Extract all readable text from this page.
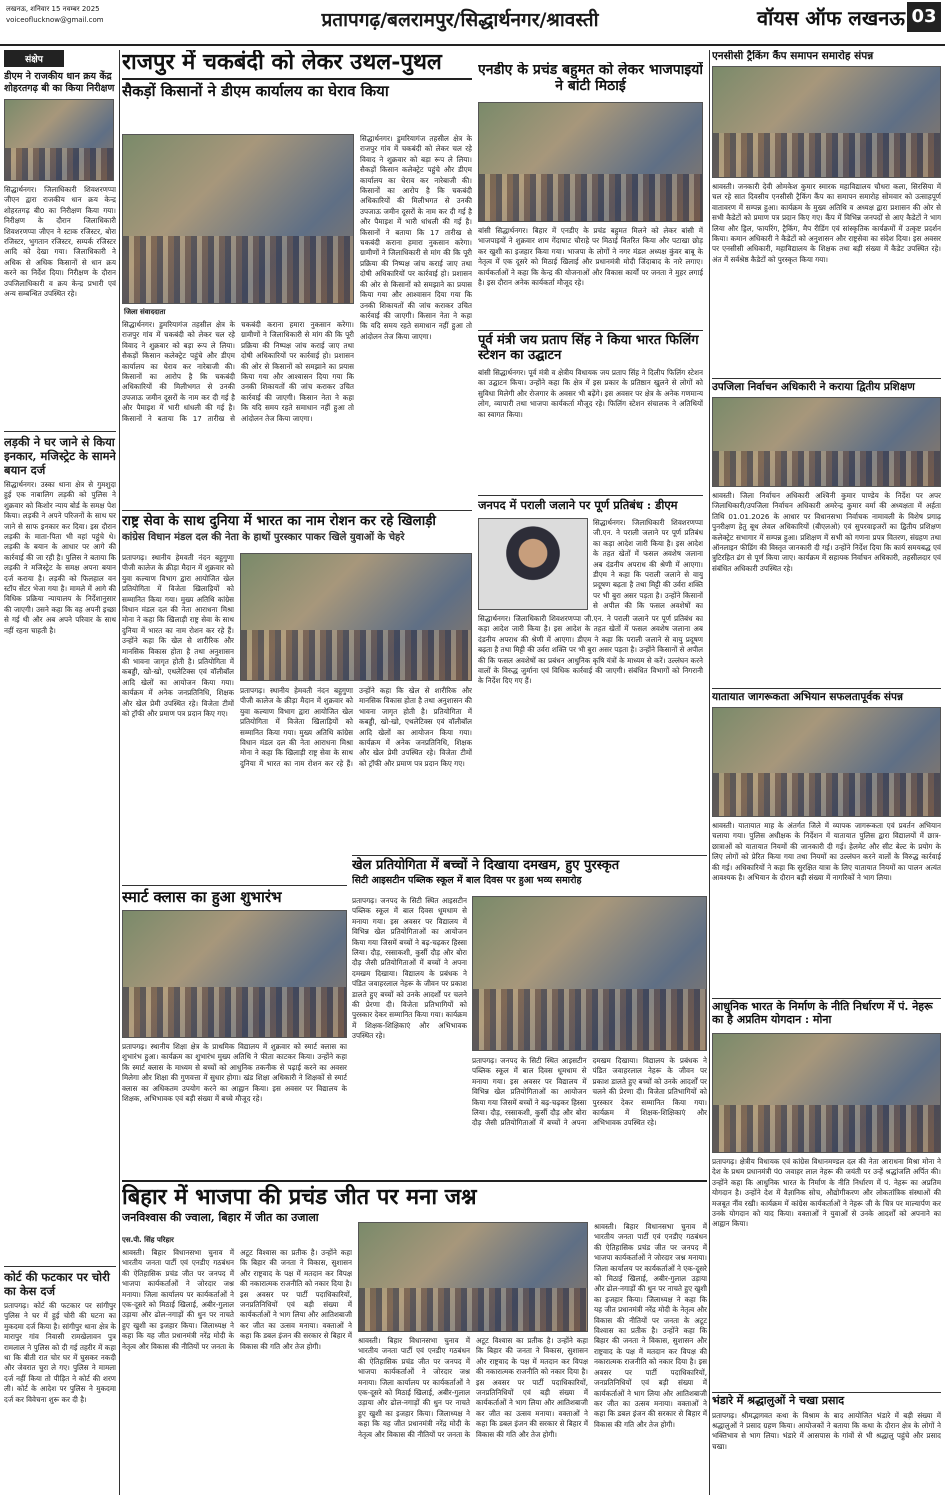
लखनऊ, शनिवार 15 नवम्बर 2025
voiceoflucknow@gmail.com	प्रतापगढ़/बलरामपुर/सिद्धार्थनगर/श्रावस्ती	वॉयस ऑफ लखनऊ 03
संक्षेप
डीएम ने राजकीय धान क्रय केंद्र शोहरतगढ़ बी का किया निरीक्षण
सिद्धार्थनगर। जिलाधिकारी शिवशरणप्पा जीएन द्वारा राजकीय धान क्रय केन्द्र शोहरतगढ़ बी0 का निरीक्षण किया गया। निरीक्षण के दौरान जिलाधिकारी शिवशरणप्पा जीएन ने स्टाक रजिस्टर, बोरा रजिस्टर, भुगतान रजिस्टर, सम्पर्क रजिस्टर आदि को देखा गया। जिलाधिकारी ने अधिक से अधिक किसानों से धान क्रय करने का निर्देश दिया। निरीक्षण के दौरान उपजिलाधिकारी व क्रय केन्द्र प्रभारी एवं अन्य सम्बन्धित उपस्थित रहे।
लड़की ने घर जाने से किया इनकार, मजिस्ट्रेट के सामने बयान दर्ज
सिद्धार्थनगर। उस्का थाना क्षेत्र से गुमशुदा हुई एक नाबालिग लड़की को पुलिस ने शुक्रवार को किशोर न्याय बोर्ड के समक्ष पेश किया। लड़की ने अपने परिजनों के साथ घर जाने से साफ इनकार कर दिया। इस दौरान लड़की के माता-पिता भी वहां पहुंचे थे। लड़की के बयान के आधार पर आगे की कार्रवाई की जा रही है। पुलिस ने बताया कि लड़की ने मजिस्ट्रेट के समक्ष अपना बयान दर्ज कराया है। लड़की को फिलहाल वन स्टॉप सेंटर भेजा गया है। मामले में आगे की विधिक प्रक्रिया न्यायालय के निर्देशानुसार की जाएगी। उसने कहा कि वह अपनी इच्छा से गई थी और अब अपने परिवार के साथ नहीं रहना चाहती है।
कोर्ट की फटकार पर चोरी का केस दर्ज
प्रतापगढ़। कोर्ट की फटकार पर सांगीपुर पुलिस ने घर में हुई चोरी की घटना का मुकदमा दर्ज किया है। सांगीपुर थाना क्षेत्र के मारापुर गांव निवासी रामखेलावन पुत्र रामलाल ने पुलिस को दी गई तहरीर में कहा था कि बीती रात चोर घर में घुसकर नकदी और जेवरात चुरा ले गए। पुलिस ने मामला दर्ज नहीं किया तो पीड़ित ने कोर्ट की शरण ली। कोर्ट के आदेश पर पुलिस ने मुकदमा दर्ज कर विवेचना शुरू कर दी है।
राजपुर में चकबंदी को लेकर उथल-पुथल
सैकड़ों किसानों ने डीएम कार्यालय का घेराव किया
जिला संवाददाता
सिद्धार्थनगर। डुमरियागंज तहसील क्षेत्र के राजपुर गांव में चकबंदी को लेकर चल रहे विवाद ने शुक्रवार को बड़ा रूप ले लिया। सैकड़ों किसान कलेक्ट्रेट पहुंचे और डीएम कार्यालय का घेराव कर नारेबाजी की। किसानों का आरोप है कि चकबंदी अधिकारियों की मिलीभगत से उनकी उपजाऊ जमीन दूसरों के नाम कर दी गई है और पैमाइश में भारी धांधली की गई है। किसानों ने बताया कि 17 तारीख से चकबंदी कराना हमारा नुकसान करेगा। ग्रामीणों ने जिलाधिकारी से मांग की कि पूरी प्रक्रिया की निष्पक्ष जांच कराई जाए तथा दोषी अधिकारियों पर कार्रवाई हो। प्रशासन की ओर से किसानों को समझाने का प्रयास किया गया और आश्वासन दिया गया कि उनकी शिकायतों की जांच कराकर उचित कार्रवाई की जाएगी। किसान नेता ने कहा कि यदि समय रहते समाधान नहीं हुआ तो आंदोलन तेज किया जाएगा।
सिद्धार्थनगर। डुमरियागंज तहसील क्षेत्र के राजपुर गांव में चकबंदी को लेकर चल रहे विवाद ने शुक्रवार को बड़ा रूप ले लिया। सैकड़ों किसान कलेक्ट्रेट पहुंचे और डीएम कार्यालय का घेराव कर नारेबाजी की। किसानों का आरोप है कि चकबंदी अधिकारियों की मिलीभगत से उनकी उपजाऊ जमीन दूसरों के नाम कर दी गई है और पैमाइश में भारी धांधली की गई है। किसानों ने बताया कि 17 तारीख से चकबंदी कराना हमारा नुकसान करेगा। ग्रामीणों ने जिलाधिकारी से मांग की कि पूरी प्रक्रिया की निष्पक्ष जांच कराई जाए तथा दोषी अधिकारियों पर कार्रवाई हो। प्रशासन की ओर से किसानों को समझाने का प्रयास किया गया और आश्वासन दिया गया कि उनकी शिकायतों की जांच कराकर उचित कार्रवाई की जाएगी। किसान नेता ने कहा कि यदि समय रहते समाधान नहीं हुआ तो आंदोलन तेज किया जाएगा।
राष्ट्र सेवा के साथ दुनिया में भारत का नाम रोशन कर रहे खिलाड़ी
कांग्रेस विधान मंडल दल की नेता के हाथों पुरस्कार पाकर खिले युवाओं के चेहरे
प्रतापगढ़। स्थानीय हेमवती नंदन बहुगुणा पीजी कालेज के क्रीड़ा मैदान में शुक्रवार को युवा कल्याण विभाग द्वारा आयोजित खेल प्रतियोगिता में विजेता खिलाड़ियों को सम्मानित किया गया। मुख्य अतिथि कांग्रेस विधान मंडल दल की नेता आराधना मिश्रा मोना ने कहा कि खिलाड़ी राष्ट्र सेवा के साथ दुनिया में भारत का नाम रोशन कर रहे हैं। उन्होंने कहा कि खेल से शारीरिक और मानसिक विकास होता है तथा अनुशासन की भावना जागृत होती है। प्रतियोगिता में कबड्डी, खो-खो, एथलेटिक्स एवं वॉलीबॉल आदि खेलों का आयोजन किया गया। कार्यक्रम में अनेक जनप्रतिनिधि, शिक्षक और खेल प्रेमी उपस्थित रहे। विजेता टीमों को ट्रॉफी और प्रमाण पत्र प्रदान किए गए।
प्रतापगढ़। स्थानीय हेमवती नंदन बहुगुणा पीजी कालेज के क्रीड़ा मैदान में शुक्रवार को युवा कल्याण विभाग द्वारा आयोजित खेल प्रतियोगिता में विजेता खिलाड़ियों को सम्मानित किया गया। मुख्य अतिथि कांग्रेस विधान मंडल दल की नेता आराधना मिश्रा मोना ने कहा कि खिलाड़ी राष्ट्र सेवा के साथ दुनिया में भारत का नाम रोशन कर रहे हैं। उन्होंने कहा कि खेल से शारीरिक और मानसिक विकास होता है तथा अनुशासन की भावना जागृत होती है। प्रतियोगिता में कबड्डी, खो-खो, एथलेटिक्स एवं वॉलीबॉल आदि खेलों का आयोजन किया गया। कार्यक्रम में अनेक जनप्रतिनिधि, शिक्षक और खेल प्रेमी उपस्थित रहे। विजेता टीमों को ट्रॉफी और प्रमाण पत्र प्रदान किए गए।
स्मार्ट क्लास का हुआ शुभारंभ
प्रतापगढ़। स्थानीय शिक्षा क्षेत्र के प्राथमिक विद्यालय में शुक्रवार को स्मार्ट क्लास का शुभारंभ हुआ। कार्यक्रम का शुभारंभ मुख्य अतिथि ने फीता काटकर किया। उन्होंने कहा कि स्मार्ट क्लास के माध्यम से बच्चों को आधुनिक तकनीक से पढ़ाई करने का अवसर मिलेगा और शिक्षा की गुणवत्ता में सुधार होगा। खंड शिक्षा अधिकारी ने शिक्षकों से स्मार्ट क्लास का अधिकतम उपयोग करने का आह्वान किया। इस अवसर पर विद्यालय के शिक्षक, अभिभावक एवं बड़ी संख्या में बच्चे मौजूद रहे।
खेल प्रतियोगिता में बच्चों ने दिखाया दमखम, हुए पुरस्कृत
सिटी आइसटीन पब्लिक स्कूल में बाल दिवस पर हुआ भव्य समारोह
प्रतापगढ़। जनपद के सिटी स्थित आइसटीन पब्लिक स्कूल में बाल दिवस धूमधाम से मनाया गया। इस अवसर पर विद्यालय में विभिन्न खेल प्रतियोगिताओं का आयोजन किया गया जिसमें बच्चों ने बढ़-चढ़कर हिस्सा लिया। दौड़, रस्साकशी, कुर्सी दौड़ और बोरा दौड़ जैसी प्रतियोगिताओं में बच्चों ने अपना दमखम दिखाया। विद्यालय के प्रबंधक ने पंडित जवाहरलाल नेहरू के जीवन पर प्रकाश डालते हुए बच्चों को उनके आदर्शों पर चलने की प्रेरणा दी। विजेता प्रतिभागियों को पुरस्कार देकर सम्मानित किया गया। कार्यक्रम में शिक्षक-शिक्षिकाएं और अभिभावक उपस्थित रहे।
प्रतापगढ़। जनपद के सिटी स्थित आइसटीन पब्लिक स्कूल में बाल दिवस धूमधाम से मनाया गया। इस अवसर पर विद्यालय में विभिन्न खेल प्रतियोगिताओं का आयोजन किया गया जिसमें बच्चों ने बढ़-चढ़कर हिस्सा लिया। दौड़, रस्साकशी, कुर्सी दौड़ और बोरा दौड़ जैसी प्रतियोगिताओं में बच्चों ने अपना दमखम दिखाया। विद्यालय के प्रबंधक ने पंडित जवाहरलाल नेहरू के जीवन पर प्रकाश डालते हुए बच्चों को उनके आदर्शों पर चलने की प्रेरणा दी। विजेता प्रतिभागियों को पुरस्कार देकर सम्मानित किया गया। कार्यक्रम में शिक्षक-शिक्षिकाएं और अभिभावक उपस्थित रहे।
एनडीए के प्रचंड बहुमत को लेकर भाजपाइयों ने बांटी मिठाई
बांसी सिद्धार्थनगर। बिहार में एनडीए के प्रचंड बहुमत मिलने को लेकर बांसी में भाजपाइयों ने शुक्रवार शाम गेंदाघाट चौराहे पर मिठाई वितरित किया और पटाखा छोड़ कर खुशी का इजहार किया गया। भाजपा के लोगों ने नगर मंडल अध्यक्ष कुंवर बाबू के नेतृत्व में एक दूसरे को मिठाई खिलाई और प्रधानमंत्री मोदी जिंदाबाद के नारे लगाए। कार्यकर्ताओं ने कहा कि केन्द्र की योजनाओं और विकास कार्यों पर जनता ने मुहर लगाई है। इस दौरान अनेक कार्यकर्ता मौजूद रहे।
पूर्व मंत्री जय प्रताप सिंह ने किया भारत फिलिंग स्टेशन का उद्घाटन
बांसी सिद्धार्थनगर। पूर्व मंत्री व क्षेत्रीय विधायक जय प्रताप सिंह ने दिलीप फिलिंग स्टेशन का उद्घाटन किया। उन्होंने कहा कि क्षेत्र में इस प्रकार के प्रतिष्ठान खुलने से लोगों को सुविधा मिलेगी और रोजगार के अवसर भी बढ़ेंगे। इस अवसर पर क्षेत्र के अनेक गणमान्य लोग, व्यापारी तथा भाजपा कार्यकर्ता मौजूद रहे। फिलिंग स्टेशन संचालक ने अतिथियों का स्वागत किया।
जनपद में पराली जलाने पर पूर्ण प्रतिबंध : डीएम
सिद्धार्थनगर। जिलाधिकारी शिवशरणप्पा जी.एन. ने पराली जलाने पर पूर्ण प्रतिबंध का कड़ा आदेश जारी किया है। इस आदेश के तहत खेतों में फसल अवशेष जलाना अब दंडनीय अपराध की श्रेणी में आएगा। डीएम ने कहा कि पराली जलाने से वायु प्रदूषण बढ़ता है तथा मिट्टी की उर्वरा शक्ति पर भी बुरा असर पड़ता है। उन्होंने किसानों से अपील की कि फसल अवशेषों का
सिद्धार्थनगर। जिलाधिकारी शिवशरणप्पा जी.एन. ने पराली जलाने पर पूर्ण प्रतिबंध का कड़ा आदेश जारी किया है। इस आदेश के तहत खेतों में फसल अवशेष जलाना अब दंडनीय अपराध की श्रेणी में आएगा। डीएम ने कहा कि पराली जलाने से वायु प्रदूषण बढ़ता है तथा मिट्टी की उर्वरा शक्ति पर भी बुरा असर पड़ता है। उन्होंने किसानों से अपील की कि फसल अवशेषों का प्रबंधन आधुनिक कृषि यंत्रों के माध्यम से करें। उल्लंघन करने वालों के विरुद्ध जुर्माना एवं विधिक कार्रवाई की जाएगी। संबंधित विभागों को निगरानी के निर्देश दिए गए हैं।
एनसीसी ट्रैकिंग कैंप समापन समारोह संपन्न
श्रावस्ती। जनकारी देवी ओमकेश कुमार स्मारक महाविद्यालय चौधरा कला, सिरसिया में चल रहे सात दिवसीय एनसीसी ट्रैकिंग कैंप का समापन समारोह सोमवार को उत्साहपूर्ण वातावरण में सम्पन्न हुआ। कार्यक्रम के मुख्य अतिथि व अध्यक्ष द्वारा प्रशासन की ओर से सभी कैडेटों को प्रमाण पत्र प्रदान किए गए। कैंप में विभिन्न जनपदों से आए कैडेटों ने भाग लिया और ड्रिल, फायरिंग, ट्रैकिंग, मैप रीडिंग एवं सांस्कृतिक कार्यक्रमों में उत्कृष्ट प्रदर्शन किया। कमान अधिकारी ने कैडेटों को अनुशासन और राष्ट्रसेवा का संदेश दिया। इस अवसर पर एनसीसी अधिकारी, महाविद्यालय के शिक्षक तथा बड़ी संख्या में कैडेट उपस्थित रहे। अंत में सर्वश्रेष्ठ कैडेटों को पुरस्कृत किया गया।
उपजिला निर्वाचन अधिकारी ने कराया द्वितीय प्रशिक्षण
श्रावस्ती। जिला निर्वाचन अधिकारी अश्विनी कुमार पाण्डेय के निर्देश पर अपर जिलाधिकारी/उपजिला निर्वाचन अधिकारी अमरेन्द्र कुमार वर्मा की अध्यक्षता में अर्हता तिथि 01.01.2026 के आधार पर विधानसभा निर्वाचक नामावली के विशेष प्रगाढ़ पुनरीक्षण हेतु बूथ लेवल अधिकारियों (बीएलओ) एवं सुपरवाइजरों का द्वितीय प्रशिक्षण कलेक्ट्रेट सभागार में सम्पन्न हुआ। प्रशिक्षण में सभी को गणना प्रपत्र वितरण, संग्रहण तथा ऑनलाइन फीडिंग की विस्तृत जानकारी दी गई। उन्होंने निर्देश दिया कि कार्य समयबद्ध एवं त्रुटिरहित ढंग से पूर्ण किया जाए। कार्यक्रम में सहायक निर्वाचन अधिकारी, तहसीलदार एवं संबंधित अधिकारी उपस्थित रहे।
यातायात जागरूकता अभियान सफलतापूर्वक संपन्न
श्रावस्ती। यातायात माह के अंतर्गत जिले में व्यापक जागरूकता एवं प्रवर्तन अभियान चलाया गया। पुलिस अधीक्षक के निर्देशन में यातायात पुलिस द्वारा विद्यालयों में छात्र-छात्राओं को यातायात नियमों की जानकारी दी गई। हेलमेट और सीट बेल्ट के प्रयोग के लिए लोगों को प्रेरित किया गया तथा नियमों का उल्लंघन करने वालों के विरुद्ध कार्रवाई की गई। अधिकारियों ने कहा कि सुरक्षित यात्रा के लिए यातायात नियमों का पालन अत्यंत आवश्यक है। अभियान के दौरान बड़ी संख्या में नागरिकों ने भाग लिया।
आधुनिक भारत के निर्माण के नीति निर्धारण में पं. नेहरू का है अप्रतिम योगदान : मोना
प्रतापगढ़। क्षेत्रीय विधायक एवं कांग्रेस विधानमण्डल दल की नेता आराधना मिश्रा मोना ने देश के प्रथम प्रधानमंत्री पं0 जवाहर लाल नेहरू की जयंती पर उन्हें श्रद्धांजलि अर्पित की। उन्होंने कहा कि आधुनिक भारत के निर्माण के नीति निर्धारण में पं. नेहरू का अप्रतिम योगदान है। उन्होंने देश में वैज्ञानिक सोच, औद्योगीकरण और लोकतांत्रिक संस्थाओं की मजबूत नींव रखी। कार्यक्रम में कांग्रेस कार्यकर्ताओं ने नेहरू जी के चित्र पर माल्यार्पण कर उनके योगदान को याद किया। वक्ताओं ने युवाओं से उनके आदर्शों को अपनाने का आह्वान किया।
भंडारे में श्रद्धालुओं ने चखा प्रसाद
प्रतापगढ़। श्रीमद्भागवत कथा के विश्राम के बाद आयोजित भंडारे में बड़ी संख्या में श्रद्धालुओं ने प्रसाद ग्रहण किया। आयोजकों ने बताया कि कथा के दौरान क्षेत्र के लोगों ने भक्तिभाव से भाग लिया। भंडारे में आसपास के गांवों से भी श्रद्धालु पहुंचे और प्रसाद चखा।
बिहार में भाजपा की प्रचंड जीत पर मना जश्न
जनविश्वास की ज्वाला, बिहार में जीत का उजाला
एस.पी. सिंह परिहार
श्रावस्ती। बिहार विधानसभा चुनाव में भारतीय जनता पार्टी एवं एनडीए गठबंधन की ऐतिहासिक प्रचंड जीत पर जनपद में भाजपा कार्यकर्ताओं ने जोरदार जश्न मनाया। जिला कार्यालय पर कार्यकर्ताओं ने एक-दूसरे को मिठाई खिलाई, अबीर-गुलाल उड़ाया और ढोल-नगाड़ों की धुन पर नाचते हुए खुशी का इजहार किया। जिलाध्यक्ष ने कहा कि यह जीत प्रधानमंत्री नरेंद्र मोदी के नेतृत्व और विकास की नीतियों पर जनता के अटूट विश्वास का प्रतीक है। उन्होंने कहा कि बिहार की जनता ने विकास, सुशासन और राष्ट्रवाद के पक्ष में मतदान कर विपक्ष की नकारात्मक राजनीति को नकार दिया है। इस अवसर पर पार्टी पदाधिकारियों, जनप्रतिनिधियों एवं बड़ी संख्या में कार्यकर्ताओं ने भाग लिया और आतिशबाजी कर जीत का उत्सव मनाया। वक्ताओं ने कहा कि डबल इंजन की सरकार से बिहार में विकास की गति और तेज होगी।
श्रावस्ती। बिहार विधानसभा चुनाव में भारतीय जनता पार्टी एवं एनडीए गठबंधन की ऐतिहासिक प्रचंड जीत पर जनपद में भाजपा कार्यकर्ताओं ने जोरदार जश्न मनाया। जिला कार्यालय पर कार्यकर्ताओं ने एक-दूसरे को मिठाई खिलाई, अबीर-गुलाल उड़ाया और ढोल-नगाड़ों की धुन पर नाचते हुए खुशी का इजहार किया। जिलाध्यक्ष ने कहा कि यह जीत प्रधानमंत्री नरेंद्र मोदी के नेतृत्व और विकास की नीतियों पर जनता के अटूट विश्वास का प्रतीक है। उन्होंने कहा कि बिहार की जनता ने विकास, सुशासन और राष्ट्रवाद के पक्ष में मतदान कर विपक्ष की नकारात्मक राजनीति को नकार दिया है। इस अवसर पर पार्टी पदाधिकारियों, जनप्रतिनिधियों एवं बड़ी संख्या में कार्यकर्ताओं ने भाग लिया और आतिशबाजी कर जीत का उत्सव मनाया। वक्ताओं ने कहा कि डबल इंजन की सरकार से बिहार में विकास की गति और तेज होगी।
श्रावस्ती। बिहार विधानसभा चुनाव में भारतीय जनता पार्टी एवं एनडीए गठबंधन की ऐतिहासिक प्रचंड जीत पर जनपद में भाजपा कार्यकर्ताओं ने जोरदार जश्न मनाया। जिला कार्यालय पर कार्यकर्ताओं ने एक-दूसरे को मिठाई खिलाई, अबीर-गुलाल उड़ाया और ढोल-नगाड़ों की धुन पर नाचते हुए खुशी का इजहार किया। जिलाध्यक्ष ने कहा कि यह जीत प्रधानमंत्री नरेंद्र मोदी के नेतृत्व और विकास की नीतियों पर जनता के अटूट विश्वास का प्रतीक है। उन्होंने कहा कि बिहार की जनता ने विकास, सुशासन और राष्ट्रवाद के पक्ष में मतदान कर विपक्ष की नकारात्मक राजनीति को नकार दिया है। इस अवसर पर पार्टी पदाधिकारियों, जनप्रतिनिधियों एवं बड़ी संख्या में कार्यकर्ताओं ने भाग लिया और आतिशबाजी कर जीत का उत्सव मनाया। वक्ताओं ने कहा कि डबल इंजन की सरकार से बिहार में विकास की गति और तेज होगी।
